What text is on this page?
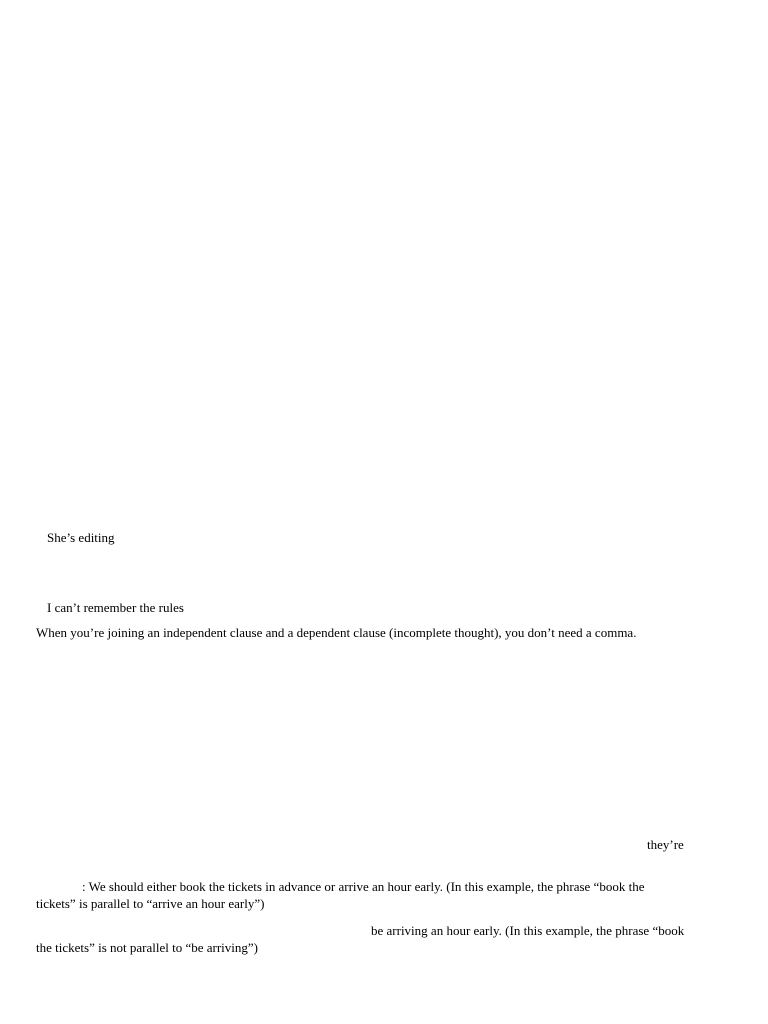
She’s editing
I can’t remember the rules
When you’re joining an independent clause and a dependent clause (incomplete thought), you don’t need a comma.
they’re
: We should either book the tickets in advance or arrive an hour early. (In this example, the phrase “book the
tickets” is parallel to “arrive an hour early”)
be arriving an hour early. (In this example, the phrase “book
the tickets” is not parallel to “be arriving”)
